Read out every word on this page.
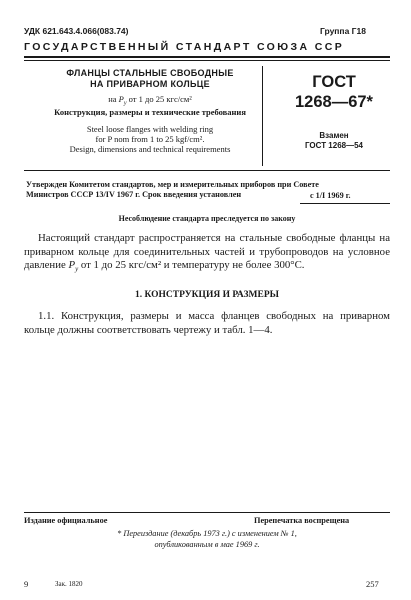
УДК 621.643.4.066(083.74)	Группа Г18
ГОСУДАРСТВЕННЫЙ СТАНДАРТ СОЮЗА ССР
ФЛАНЦЫ СТАЛЬНЫЕ СВОБОДНЫЕ
НА ПРИВАРНОМ КОЛЬЦЕ
на $P_у$ от 1 до 25 кгс/см²
Конструкция, размеры и технические требования
Steel loose flanges with welding ring
for P nom from 1 to 25 kgf/cm².
Design, dimensions and technical requirements
ГОСТ
1268—67*
Взамен
ГОСТ 1268—54
Утвержден Комитетом стандартов, мер и измерительных приборов при Совете
Министров СССР 13/IV 1967 г. Срок введения установлен	с 1/I 1969 г.
Несоблюдение стандарта преследуется по закону
Настоящий стандарт распространяется на стальные свободные фланцы на приварном кольце для соединительных частей и трубопроводов на условное давление $P_у$ от 1 до 25 кгс/см² и температуру не более 300°C.
1. КОНСТРУКЦИЯ И РАЗМЕРЫ
1.1. Конструкция, размеры и масса фланцев свободных на приварном кольце должны соответствовать чертежу и табл. 1—4.
Издание официальное	Перепечатка воспрещена
* Переиздание (декабрь 1973 г.) с изменением № 1,
опубликованным в мае 1969 г.
9	Зак. 1820	257
